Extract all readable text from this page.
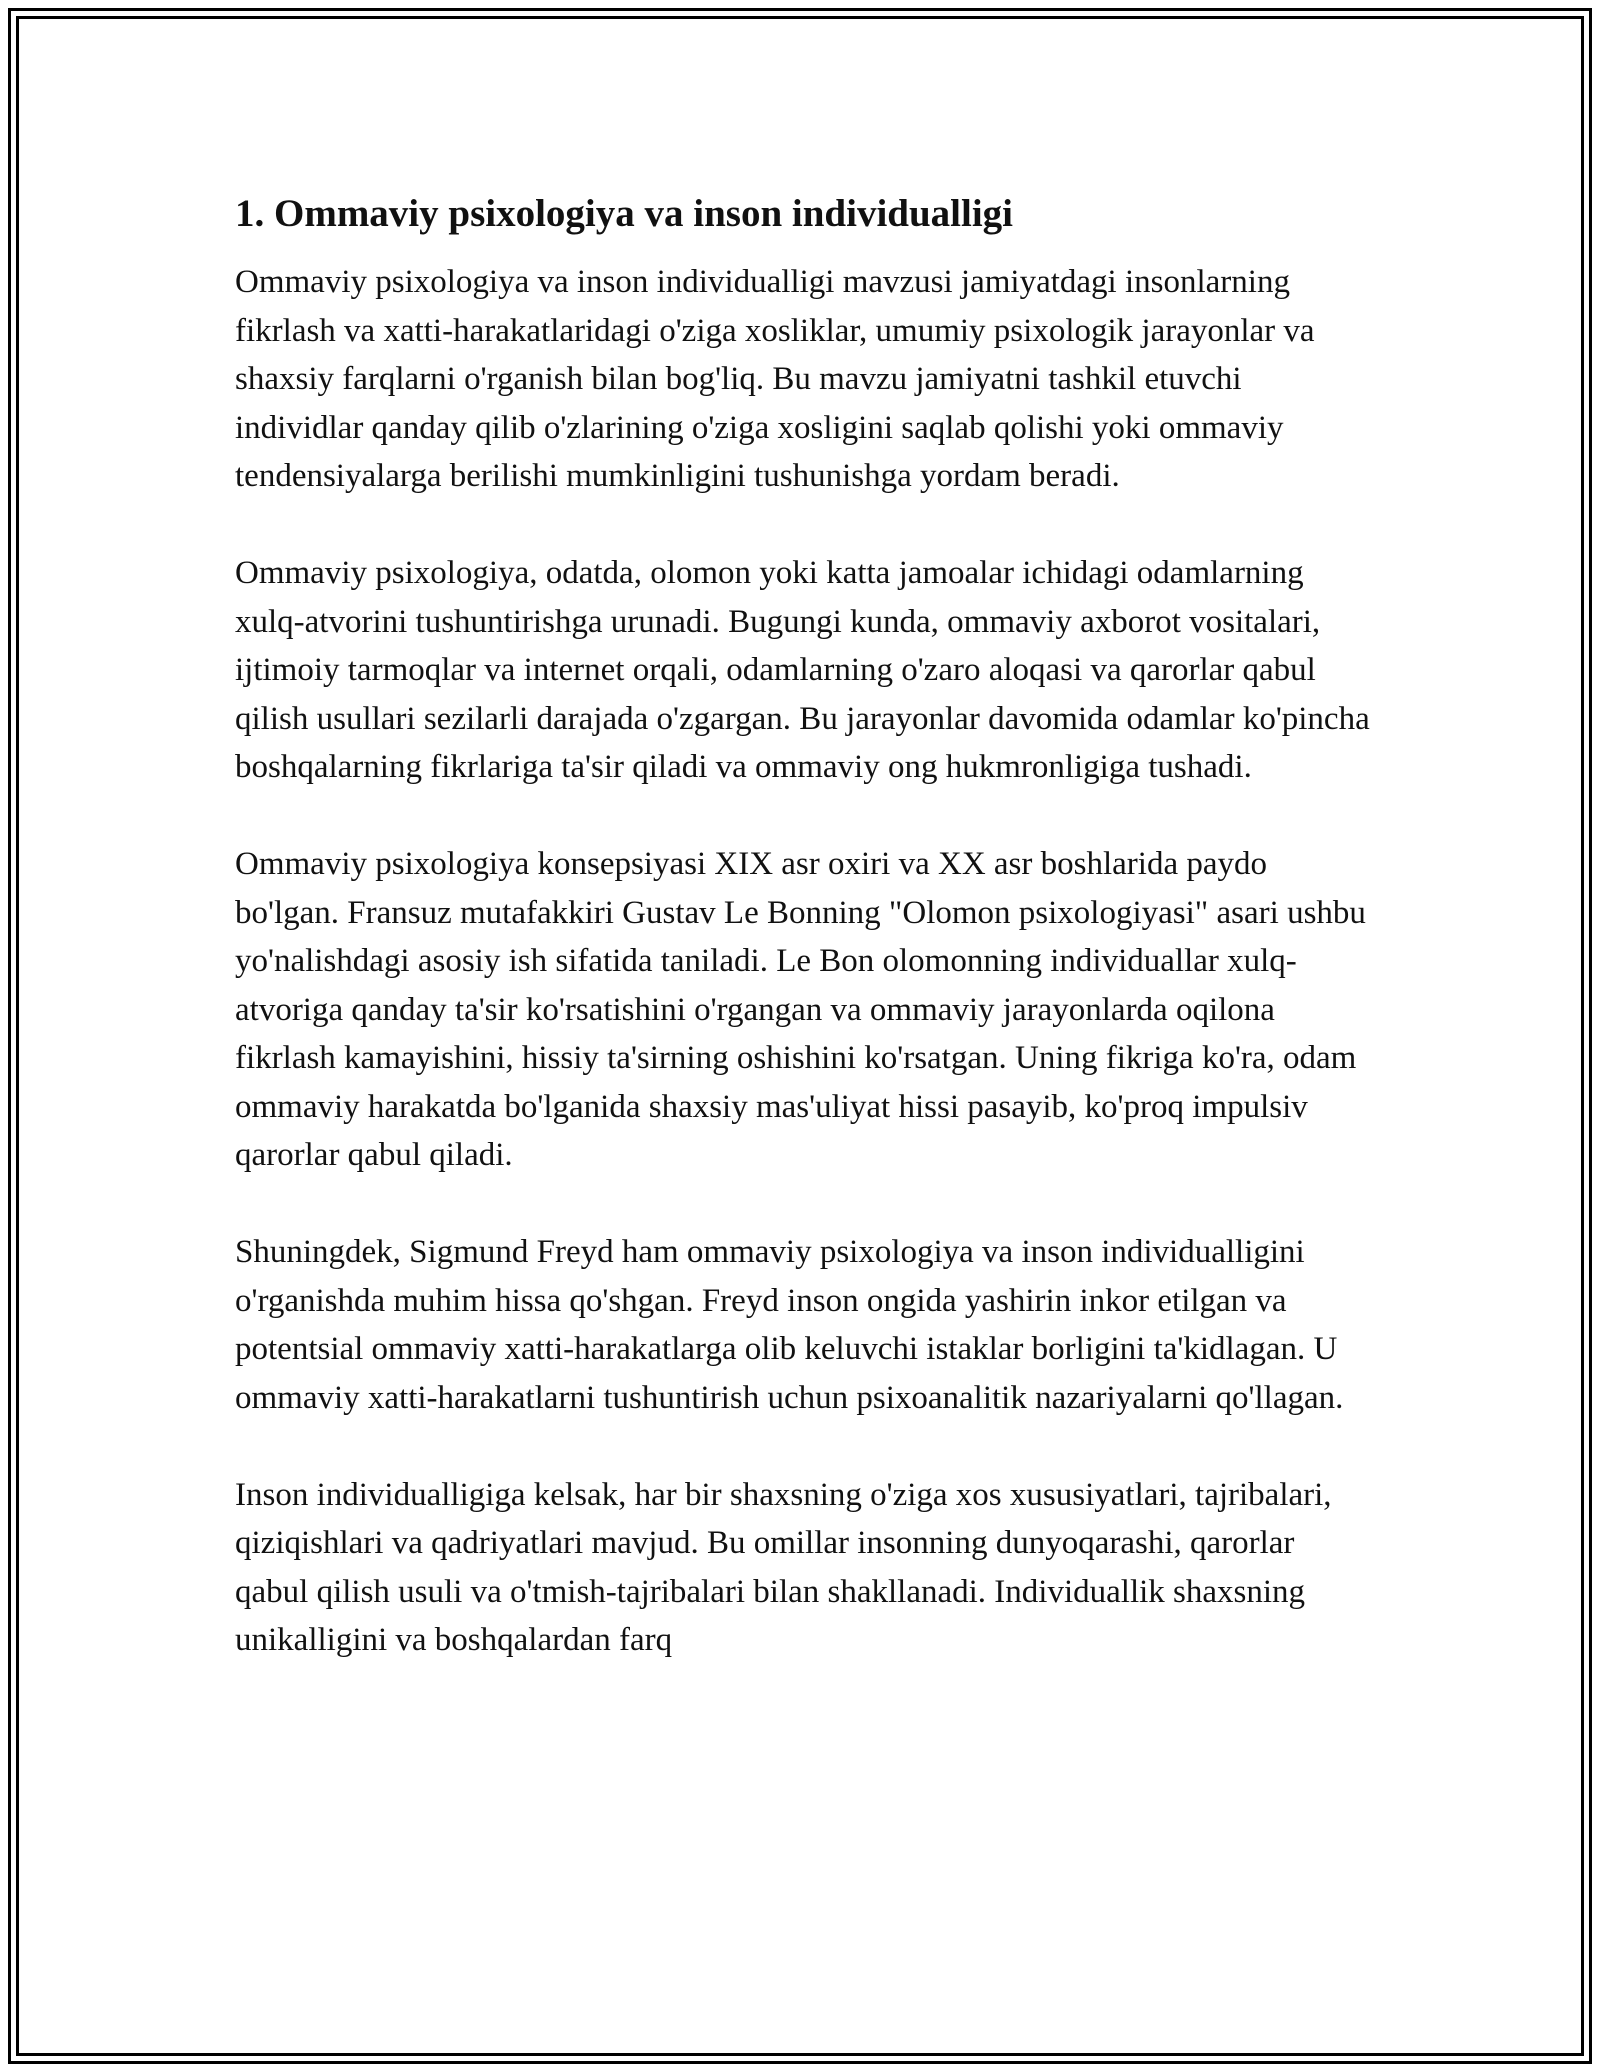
1. Ommaviy psixologiya va inson individualligi

Ommaviy psixologiya va inson individualligi mavzusi jamiyatdagi insonlarning fikrlash va xatti-harakatlaridagi o'ziga xosliklar, umumiy psixologik jarayonlar va shaxsiy farqlarni o'rganish bilan bog'liq. Bu mavzu jamiyatni tashkil etuvchi individlar qanday qilib o'zlarining o'ziga xosligini saqlab qolishi yoki ommaviy tendensiyalarga berilishi mumkinligini tushunishga yordam beradi.

Ommaviy psixologiya, odatda, olomon yoki katta jamoalar ichidagi odamlarning xulq-atvorini tushuntirishga urunadi. Bugungi kunda, ommaviy axborot vositalari, ijtimoiy tarmoqlar va internet orqali, odamlarning o'zaro aloqasi va qarorlar qabul qilish usullari sezilarli darajada o'zgargan. Bu jarayonlar davomida odamlar ko'pincha boshqalarning fikrlariga ta'sir qiladi va ommaviy ong hukmronligiga tushadi.

Ommaviy psixologiya konsepsiyasi XIX asr oxiri va XX asr boshlarida paydo bo'lgan. Fransuz mutafakkiri Gustav Le Bonning "Olomon psixologiyasi" asari ushbu yo'nalishdagi asosiy ish sifatida taniladi. Le Bon olomonning individuallar xulq-atvoriga qanday ta'sir ko'rsatishini o'rgangan va ommaviy jarayonlarda oqilona fikrlash kamayishini, hissiy ta'sirning oshishini ko'rsatgan. Uning fikriga ko'ra, odam ommaviy harakatda bo'lganida shaxsiy mas'uliyat hissi pasayib, ko'proq impulsiv qarorlar qabul qiladi.

Shuningdek, Sigmund Freyd ham ommaviy psixologiya va inson individualligini o'rganishda muhim hissa qo'shgan. Freyd inson ongida yashirin inkor etilgan va potentsial ommaviy xatti-harakatlarga olib keluvchi istaklar borligini ta'kidlagan. U ommaviy xatti-harakatlarni tushuntirish uchun psixoanalitik nazariyalarni qo'llagan.

Inson individualligiga kelsak, har bir shaxsning o'ziga xos xususiyatlari, tajribalari, qiziqishlari va qadriyatlari mavjud. Bu omillar insonning dunyoqarashi, qarorlar qabul qilish usuli va o'tmish-tajribalari bilan shakllanadi. Individuallik shaxsning unikalligini va boshqalardan farq
